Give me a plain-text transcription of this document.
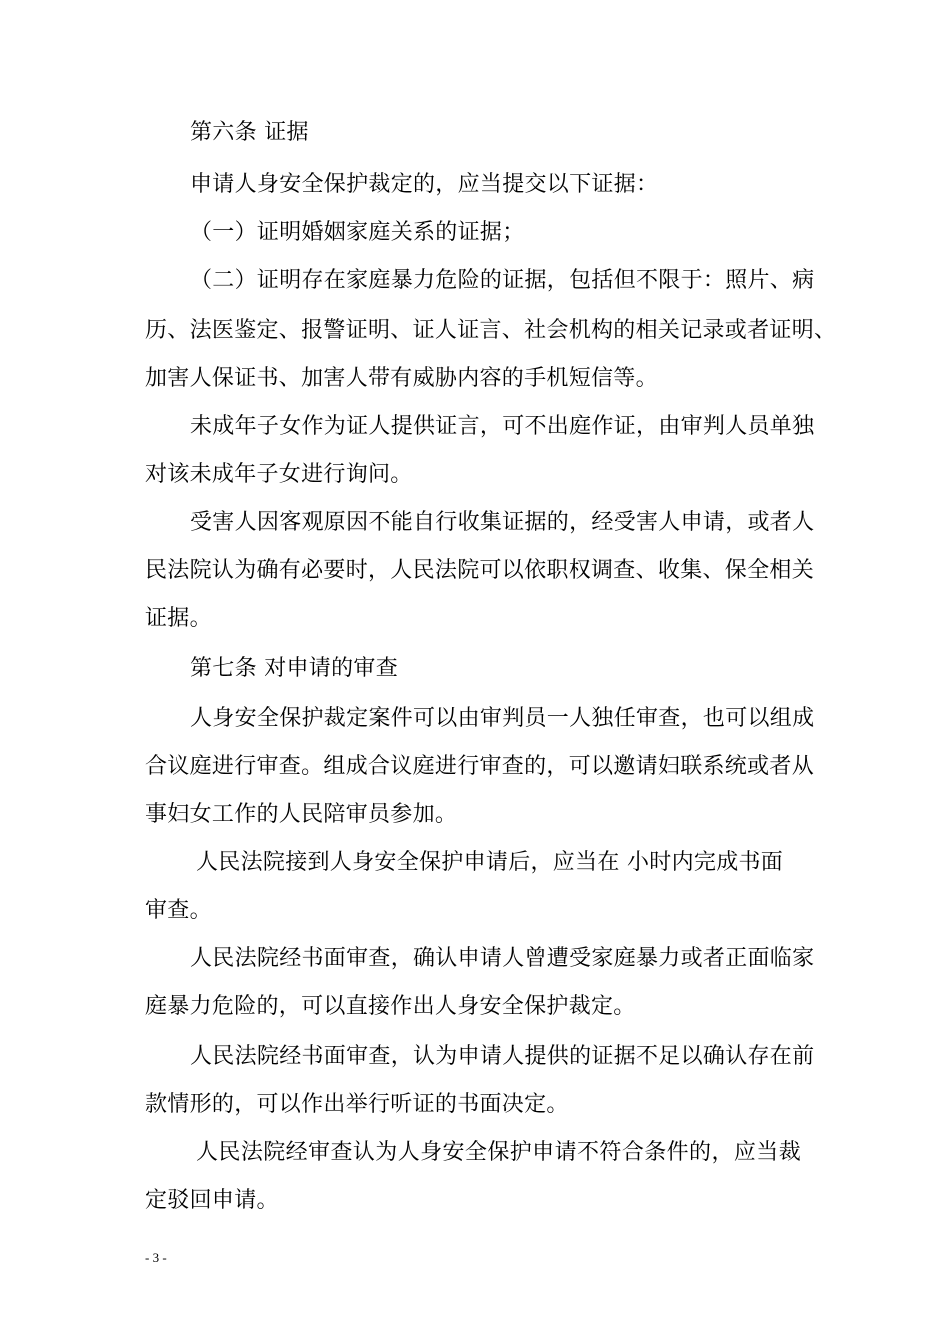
第六条 证据
申请人身安全保护裁定的，应当提交以下证据：
（一）证明婚姻家庭关系的证据；
（二）证明存在家庭暴力危险的证据，包括但不限于：照片、病
历、法医鉴定、报警证明、证人证言、社会机构的相关记录或者证明、
加害人保证书、加害人带有威胁内容的手机短信等。
未成年子女作为证人提供证言，可不出庭作证，由审判人员单独
对该未成年子女进行询问。
受害人因客观原因不能自行收集证据的，经受害人申请，或者人
民法院认为确有必要时，人民法院可以依职权调查、收集、保全相关
证据。
第七条 对申请的审查
人身安全保护裁定案件可以由审判员一人独任审查，也可以组成
合议庭进行审查。组成合议庭进行审查的，可以邀请妇联系统或者从
事妇女工作的人民陪审员参加。
人民法院接到人身安全保护申请后，应当在 小时内完成书面
审查。
人民法院经书面审查，确认申请人曾遭受家庭暴力或者正面临家
庭暴力危险的，可以直接作出人身安全保护裁定。
人民法院经书面审查，认为申请人提供的证据不足以确认存在前
款情形的，可以作出举行听证的书面决定。
人民法院经审查认为人身安全保护申请不符合条件的，应当裁
定驳回申请。
- 3 -
